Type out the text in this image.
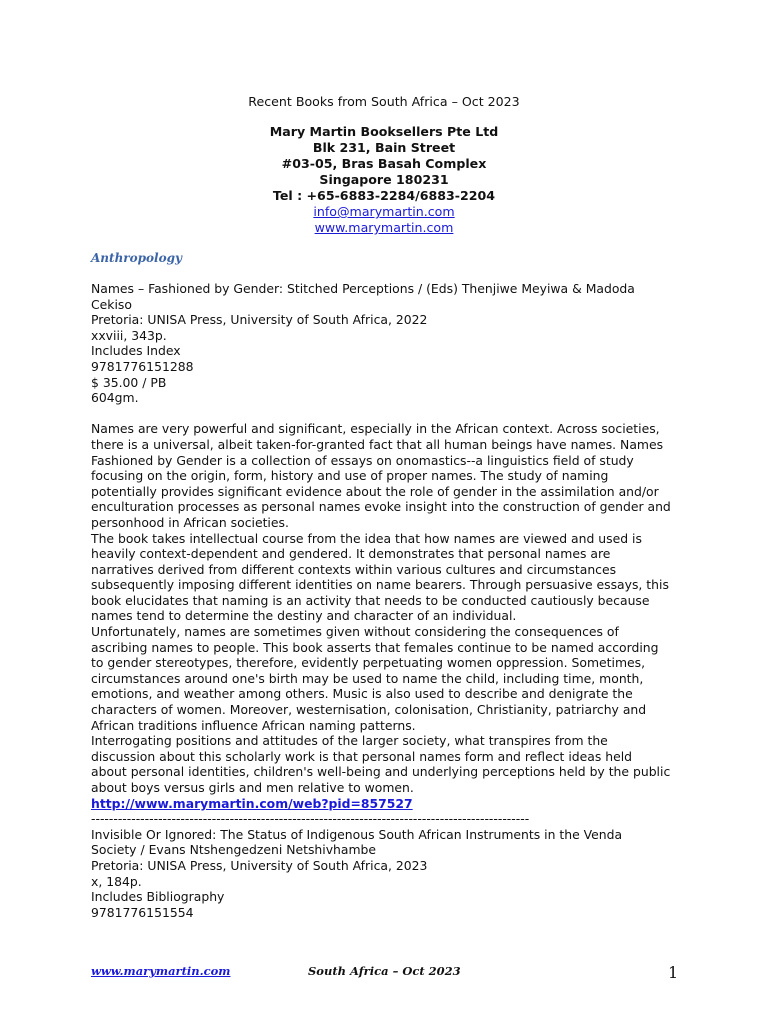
Recent Books from South Africa – Oct 2023
Mary Martin Booksellers Pte Ltd
Blk 231, Bain Street
#03-05, Bras Basah Complex
Singapore 180231
Tel : +65-6883-2284/6883-2204
info@marymartin.com
www.marymartin.com
Anthropology

Names – Fashioned by Gender: Stitched Perceptions / (Eds) Thenjiwe Meyiwa & Madoda

Cekiso

Pretoria: UNISA Press, University of South Africa, 2022

xxviii, 343p.

Includes Index

9781776151288

$ 35.00 / PB

604gm.

Names are very powerful and significant, especially in the African context. Across societies, there is a universal, albeit taken-for-granted fact that all human beings have names. Names Fashioned by Gender is a collection of essays on onomastics--a linguistics field of study focusing on the origin, form, history and use of proper names. The study of naming potentially provides significant evidence about the role of gender in the assimilation and/or enculturation processes as personal names evoke insight into the construction of gender and personhood in African societies.

The book takes intellectual course from the idea that how names are viewed and used is heavily context-dependent and gendered. It demonstrates that personal names are narratives derived from different contexts within various cultures and circumstances subsequently imposing different identities on name bearers. Through persuasive essays, this book elucidates that naming is an activity that needs to be conducted cautiously because names tend to determine the destiny and character of an individual.

Unfortunately, names are sometimes given without considering the consequences of ascribing names to people. This book asserts that females continue to be named according to gender stereotypes, therefore, evidently perpetuating women oppression. Sometimes, circumstances around one's birth may be used to name the child, including time, month, emotions, and weather among others. Music is also used to describe and denigrate the characters of women. Moreover, westernisation, colonisation, Christianity, patriarchy and African traditions influence African naming patterns.

Interrogating positions and attitudes of the larger society, what transpires from the discussion about this scholarly work is that personal names form and reflect ideas held about personal identities, children's well-being and underlying perceptions held by the public about boys versus girls and men relative to women.

http://www.marymartin.com/web?pid=857527

--------------------------------------------------------------------------------------------------

Invisible Or Ignored: The Status of Indigenous South African Instruments in the Venda

Society / Evans Ntshengedzeni Netshivhambe

Pretoria: UNISA Press, University of South Africa, 2023

x, 184p.

Includes Bibliography

9781776151554

www.marymartin.com	South Africa – Oct 2023	1
